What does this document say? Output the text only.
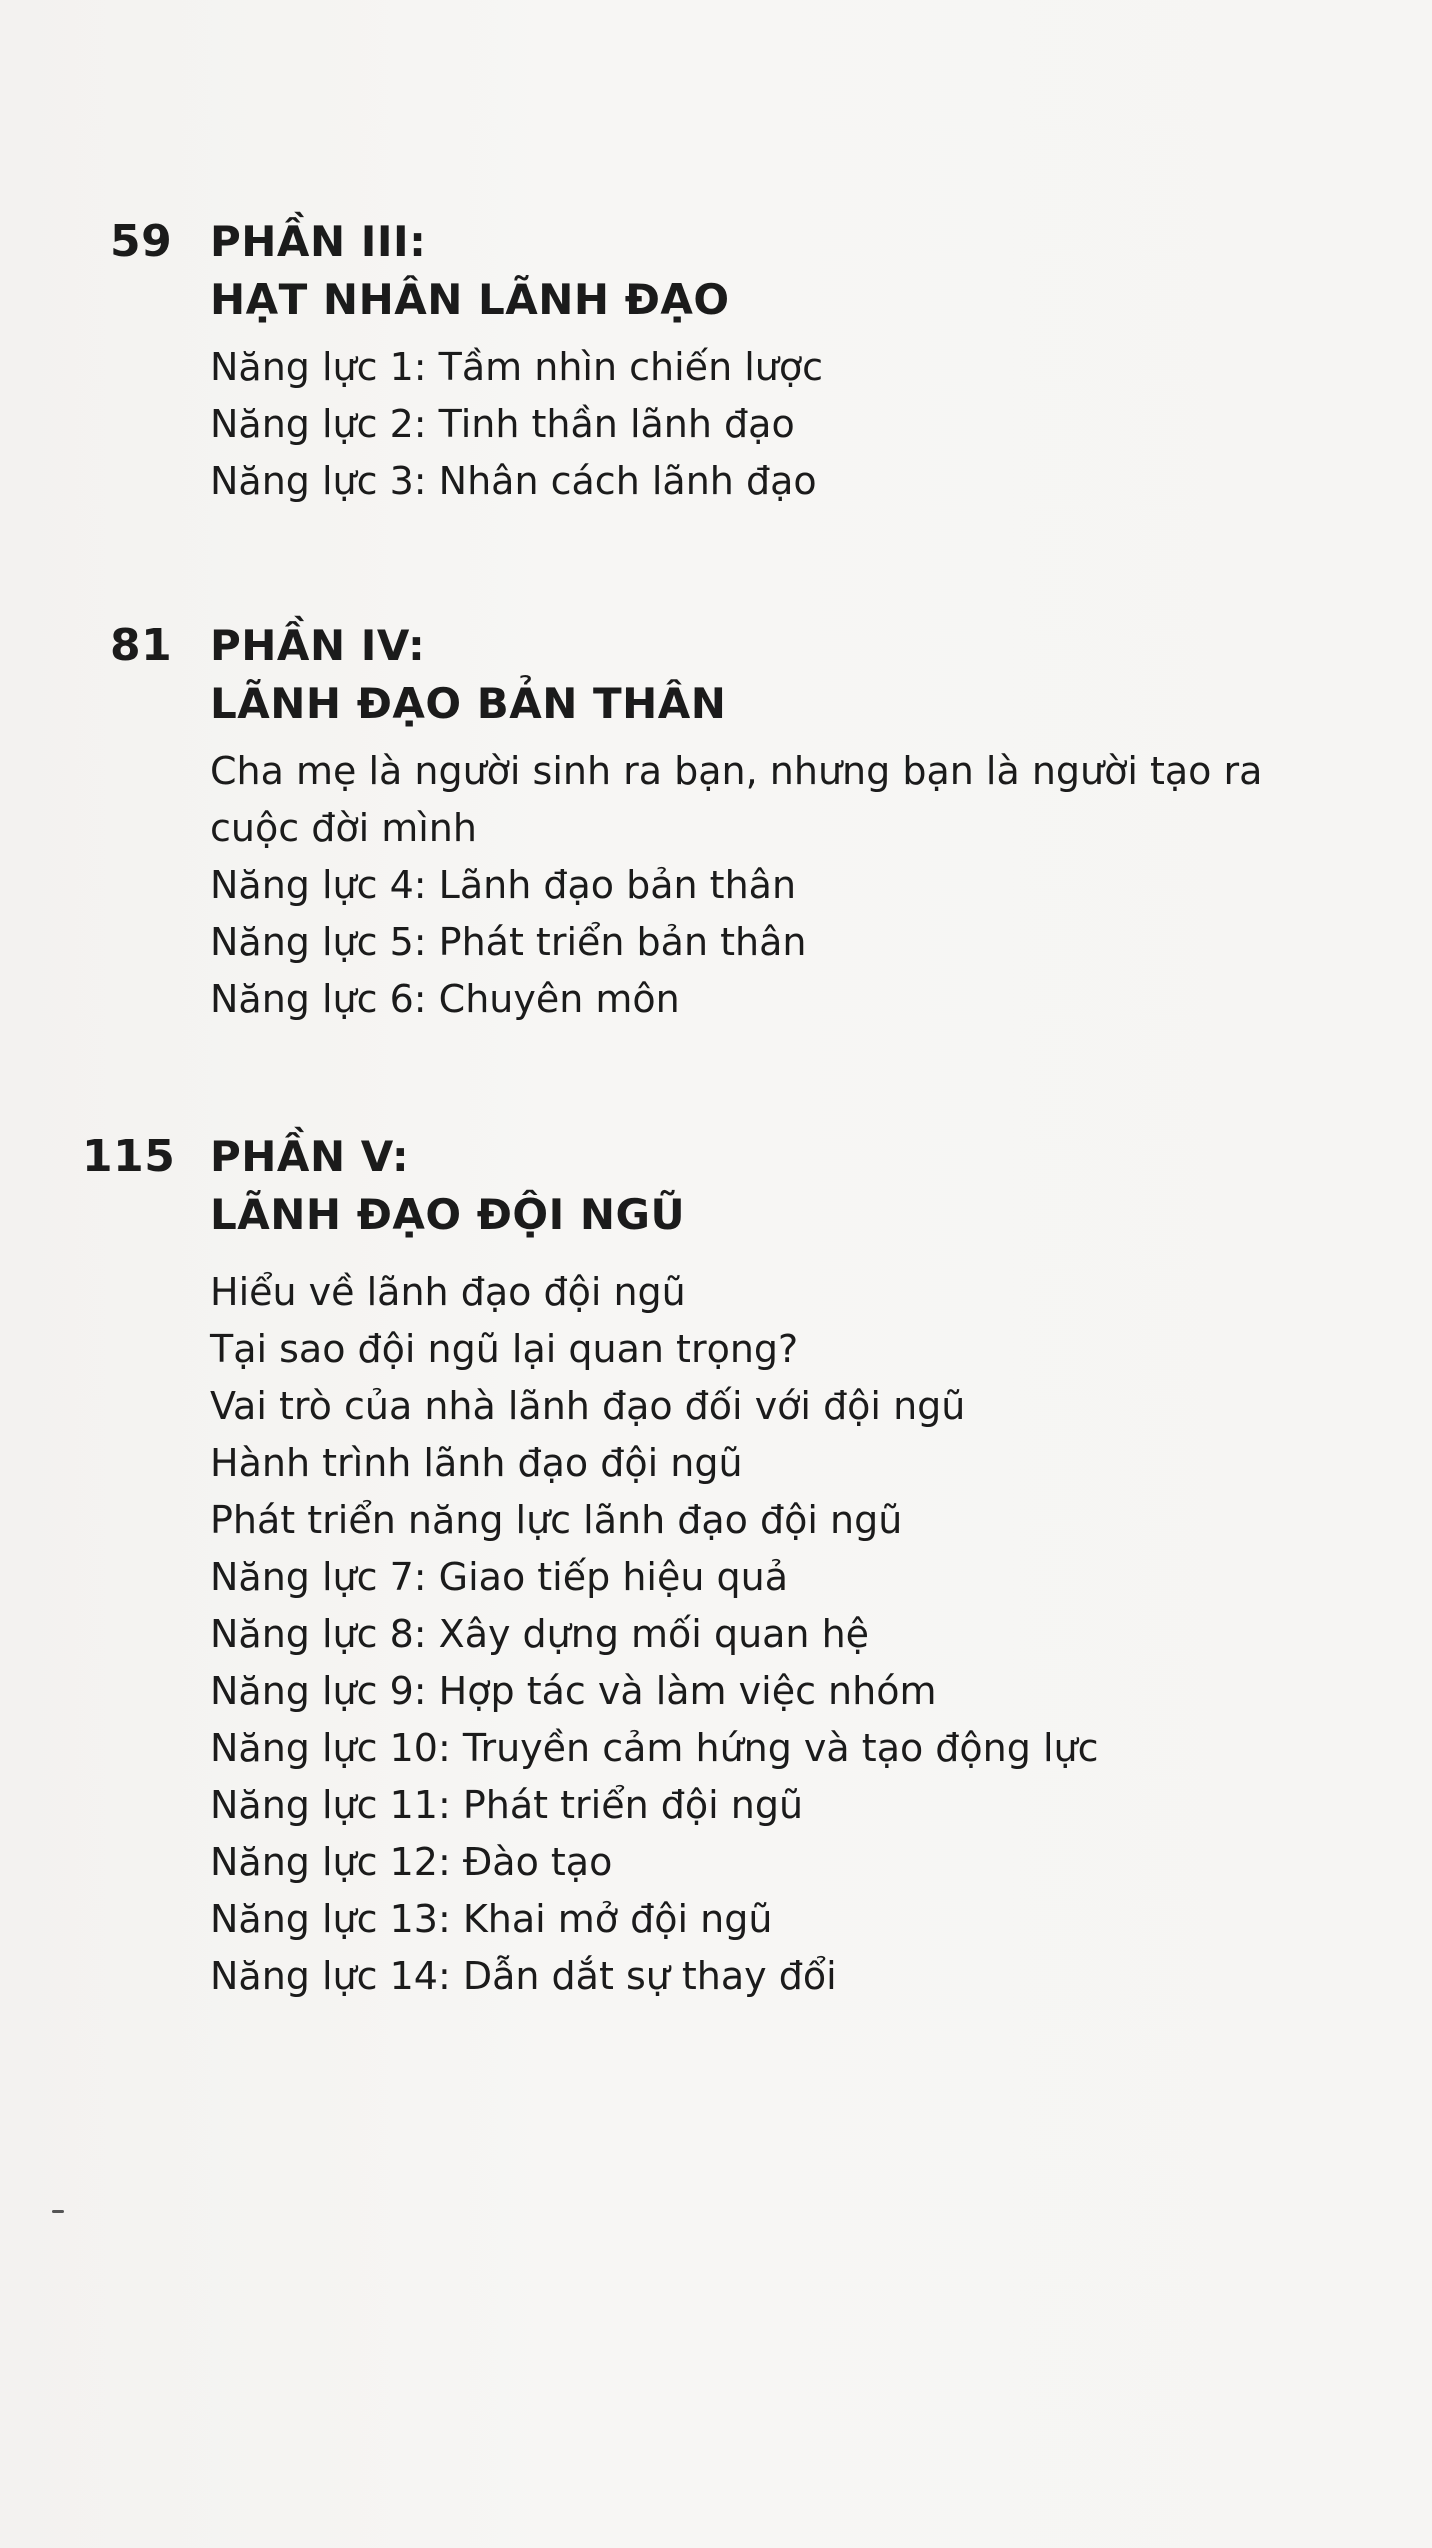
59 PHẦN III:
HẠT NHÂN LÃNH ĐẠO
Năng lực 1: Tầm nhìn chiến lược
Năng lực 2: Tinh thần lãnh đạo
Năng lực 3: Nhân cách lãnh đạo
81 PHẦN IV:
LÃNH ĐẠO BẢN THÂN
Cha mẹ là người sinh ra bạn, nhưng bạn là người tạo ra cuộc đời mình
Năng lực 4: Lãnh đạo bản thân
Năng lực 5: Phát triển bản thân
Năng lực 6: Chuyên môn
115 PHẦN V:
LÃNH ĐẠO ĐỘI NGŨ
Hiểu về lãnh đạo đội ngũ
Tại sao đội ngũ lại quan trọng?
Vai trò của nhà lãnh đạo đối với đội ngũ
Hành trình lãnh đạo đội ngũ
Phát triển năng lực lãnh đạo đội ngũ
Năng lực 7: Giao tiếp hiệu quả
Năng lực 8: Xây dựng mối quan hệ
Năng lực 9: Hợp tác và làm việc nhóm
Năng lực 10: Truyền cảm hứng và tạo động lực
Năng lực 11: Phát triển đội ngũ
Năng lực 12: Đào tạo
Năng lực 13: Khai mở đội ngũ
Năng lực 14: Dẫn dắt sự thay đổi
